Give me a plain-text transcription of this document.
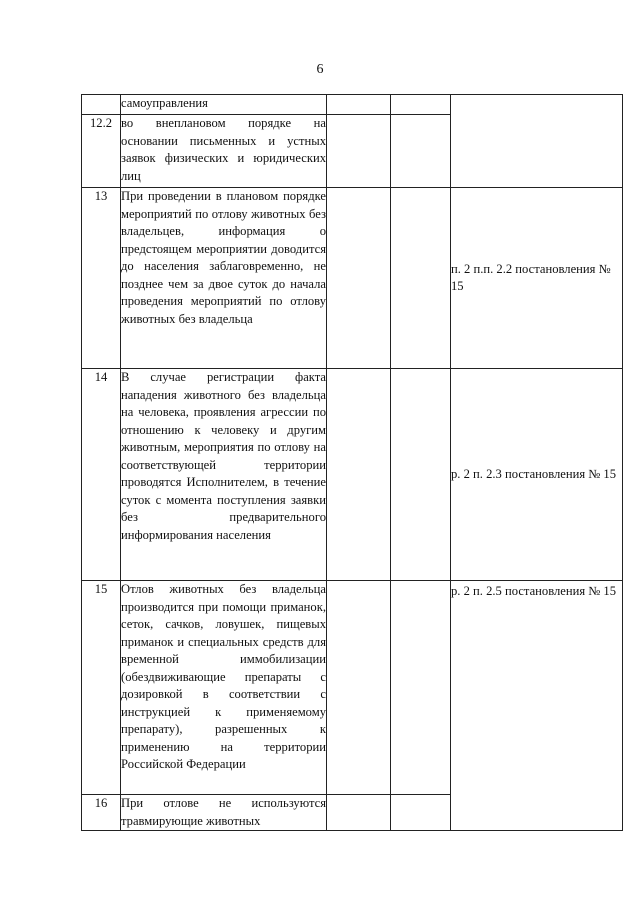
6
	самоуправления			
12.2	во внеплановом порядке на основании письменных и устных заявок физических и юридических лиц			
13	При проведении в плановом порядке мероприятий по отлову животных без владельцев, информация о предстоящем мероприятии доводится до населения заблаговременно, не позднее чем за двое суток до начала проведения мероприятий по отлову животных без владельца			п. 2 п.п. 2.2 постановления № 15
14	В случае регистрации факта нападения животного без владельца на человека, проявления агрессии по отношению к человеку и другим животным, мероприятия по отлову на соответствующей территории проводятся Исполнителем, в течение суток с момента поступления заявки без предварительного информирования населения			р. 2 п. 2.3 постановления № 15
15	Отлов животных без владельца производится при помощи приманок, сеток, сачков, ловушек, пищевых приманок и специальных средств для временной иммобилизации (обездвиживающие препараты с дозировкой в соответствии с инструкцией к применяемому препарату), разрешенных к применению на территории Российской Федерации			р. 2 п. 2.5 постановления № 15
16	При отлове не используются травмирующие животных			
